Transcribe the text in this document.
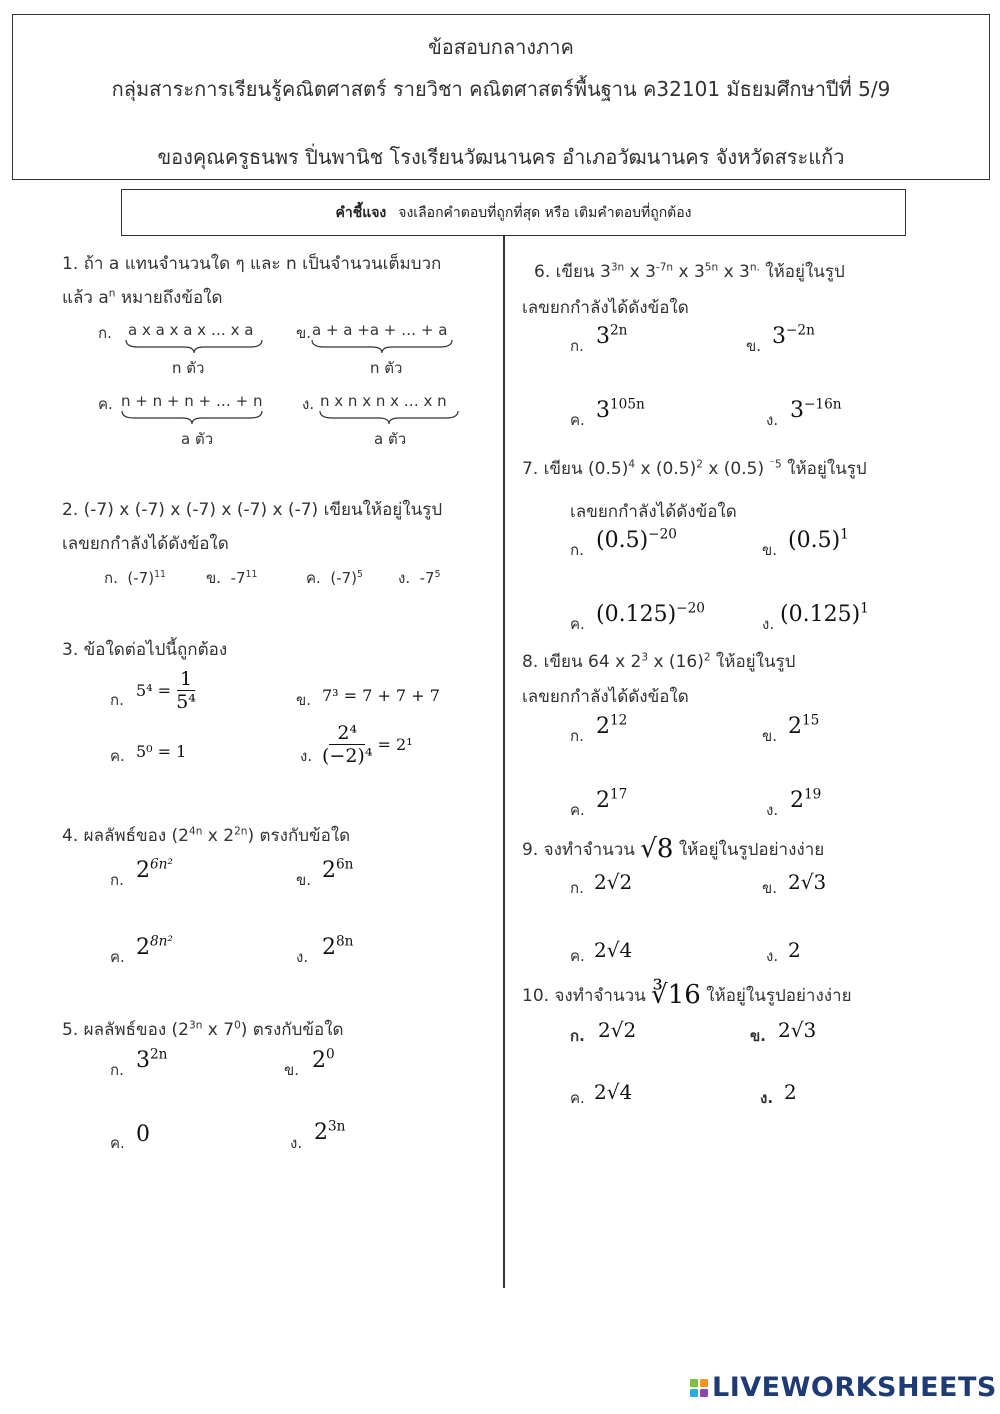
ข้อสอบกลางภาค
กลุ่มสาระการเรียนรู้คณิตศาสตร์ รายวิชา คณิตศาสตร์พื้นฐาน ค32101 มัธยมศึกษาปีที่ 5/9
ของคุณครูธนพร ปิ่นพานิช โรงเรียนวัฒนานคร อำเภอวัฒนานคร จังหวัดสระแก้ว
คำชี้แจง จงเลือกคำตอบที่ถูกที่สุด หรือ เติมคำตอบที่ถูกต้อง
1. ถ้า a แทนจำนวนใด ๆ และ n เป็นจำนวนเต็มบวก
แล้ว $a^n$ หมายถึงข้อใด
ก. a x a x a x … x a
n ตัว
ข. a + a +a + … + a
n ตัว
ค. n + n + n + … + n
a ตัว
ง. n x n x n x … x n
a ตัว
2. (-7) x (-7) x (-7) x (-7) x (-7) เขียนให้อยู่ในรูป
เลขยกกำลังได้ดังข้อใด
ก. $(-7)^{11}$	ข. $-7^{11}$	ค. $(-7)^5$ ง. $-7^5$
3. ข้อใดต่อไปนี้ถูกต้อง
ก. 5⁴ =
$\frac{1}{\text{5⁴}}$	ข. 7³ = 7 + 7 + 7
ค. 5⁰ = 1	ง. $\frac{\text{2⁴}}{\text{(−2)⁴}}$
= 2¹
4. ผลลัพธ์ของ ($2^{4n}$ x $2^{2n}$) ตรงกับข้อใด
ก. $2^{6n^2}$
ข. $2^{6n}$
ค. $2^{8n^2}$
ง. $2^{8n}$
5. ผลลัพธ์ของ ($2^{3n}$ x $7^0$) ตรงกับข้อใด
ก. $3^{2n}$
ข. $2^0$
ค. 0	ง. $2^{3n}$
6. เขียน $3^{3n}$ x $3^{-7n}$ x $3^{5n}$ x $3^{n.}$ ให้อยู่ในรูป
เลขยกกำลังได้ดังข้อใด
ก. $3^{2n}$
ข. $3^{-2n}$
ค. $3^{105n}$
ง. $3^{-16n}$
7. เขียน $(0.5)^4$ x $(0.5)^2$ x (0.5) $^{^-5}$ ให้อยู่ในรูป
เลขยกกำลังได้ดังข้อใด
ก. $(0.5)^{-20}$
ข. $(0.5)^1$
ค. $(0.125)^{-20}$
ง. $(0.125)^1$
8. เขียน 64 x $2^3$ x $(16)^2$ ให้อยู่ในรูป
เลขยกกำลังได้ดังข้อใด
ก. $2^{12}$
ข. $2^{15}$
ค. $2^{17}$
ง. $2^{19}$
9. จงทำจำนวน
√8
ให้อยู่ในรูปอย่างง่าย
ก. 2√2	ข. 2√3
ค. 2√4	ง. 2
10. จงทำจำนวน
∛16
ให้อยู่ในรูปอย่างง่าย
ก. 2√2	ข. 2√3
ค. 2√4	ง. 2
LIVEWORKSHEETS
